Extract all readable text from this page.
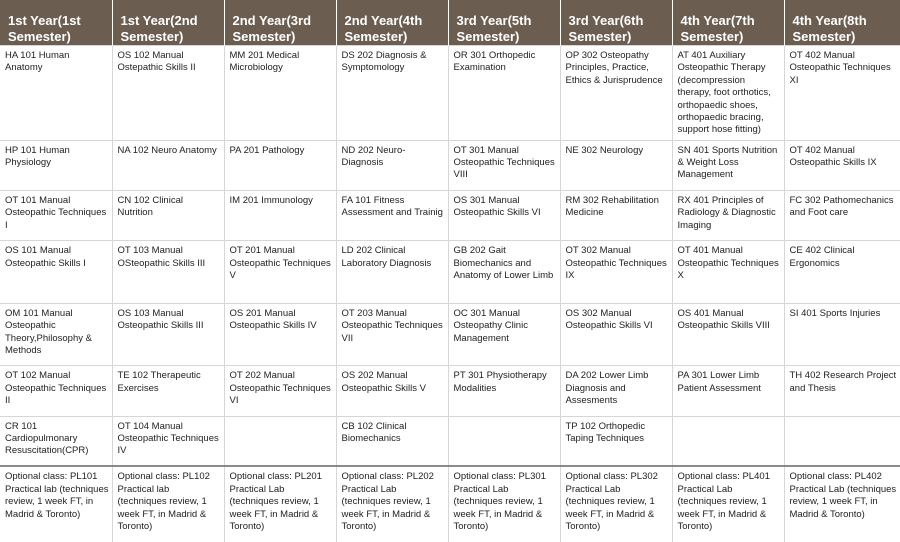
1st Year(1st Semester)	1st Year(2nd Semester)	2nd Year(3rd Semester)	2nd Year(4th Semester)	3rd Year(5th Semester)	3rd Year(6th Semester)	4th Year(7th Semester)	4th Year(8th Semester)
HA 101 Human Anatomy	OS 102 Manual Ostepathic Skills II	MM 201 Medical Microbiology	DS 202 Diagnosis & Symptomology	OR 301 Orthopedic Examination	OP 302 Osteopathy Principles, Practice, Ethics & Jurisprudence	AT 401 Auxiliary Osteopathic Therapy (decompression therapy, foot orthotics, orthopaedic shoes, orthopaedic bracing, support hose fitting)	OT 402 Manual Osteopathic Techniques XI
HP 101 Human Physiology	NA 102 Neuro Anatomy	PA 201 Pathology	ND 202 Neuro-Diagnosis	OT 301 Manual Osteopathic Techniques VIII	NE 302 Neurology	SN 401 Sports Nutrition & Weight Loss Management	OT 402 Manual Osteopathic Skills IX
OT 101 Manual Osteopathic Techniques I	CN 102 Clinical Nutrition	IM 201 Immunology	FA 101 Fitness Assessment and Trainig	OS 301 Manual Osteopathic Skills VI	RM 302 Rehabilitation Medicine	RX 401 Principles of Radiology & Diagnostic Imaging	FC 302 Pathomechanics and Foot care
OS 101 Manual Osteopathic Skills I	OT 103 Manual OSteopathic Skills III	OT 201 Manual Osteopathic Techniques V	LD 202 Clinical Laboratory Diagnosis	GB 202 Gait Biomechanics and Anatomy of Lower Limb	OT 302 Manual Osteopathic Techniques IX	OT 401 Manual Osteopathic Techniques X	CE 402 Clinical Ergonomics
OM 101 Manual Osteopathic Theory,Philosophy & Methods	OS 103 Manual Osteopathic Skills III	OS 201 Manual Osteopathic Skills IV	OT 203 Manual Osteopathic Techniques VII	OC 301 Manual Osteopathy Clinic Management	OS 302 Manual Osteopathic Skills VI	OS 401 Manual Osteopathic Skills VIII	SI 401 Sports Injuries
OT 102 Manual Osteopathic Techniques II	TE 102 Therapeutic Exercises	OT 202 Manual Osteopathic Techniques VI	OS 202 Manual Osteopathic Skills V	PT 301 Physiotherapy Modalities	DA 202 Lower Limb Diagnosis and Assesments	PA 301 Lower Limb Patient Assessment	TH 402 Research Project and Thesis
CR 101 Cardiopulmonary Resuscitation(CPR)	OT 104 Manual Osteopathic Techniques IV		CB 102 Clinical Biomechanics		TP 102 Orthopedic Taping Techniques		
Optional class: PL101 Practical lab (techniques review, 1 week FT, in Madrid & Toronto)	Optional class: PL102 Practical lab (techniques review, 1 week FT, in Madrid & Toronto)	Optional class: PL201 Practical Lab (techniques review, 1 week FT, in Madrid & Toronto)	Optional class: PL202 Practical Lab (techniques review, 1 week FT, in Madrid & Toronto)	Optional class: PL301 Practical Lab (techniques review, 1 week FT, in Madrid & Toronto)	Optional class: PL302 Practical Lab (techniques review, 1 week FT, in Madrid & Toronto)	Optional class: PL401 Practical Lab (techniques review, 1 week FT, in Madrid & Toronto)	Optional class: PL402 Practical Lab (techniques review, 1 week FT, in Madrid & Toronto)
